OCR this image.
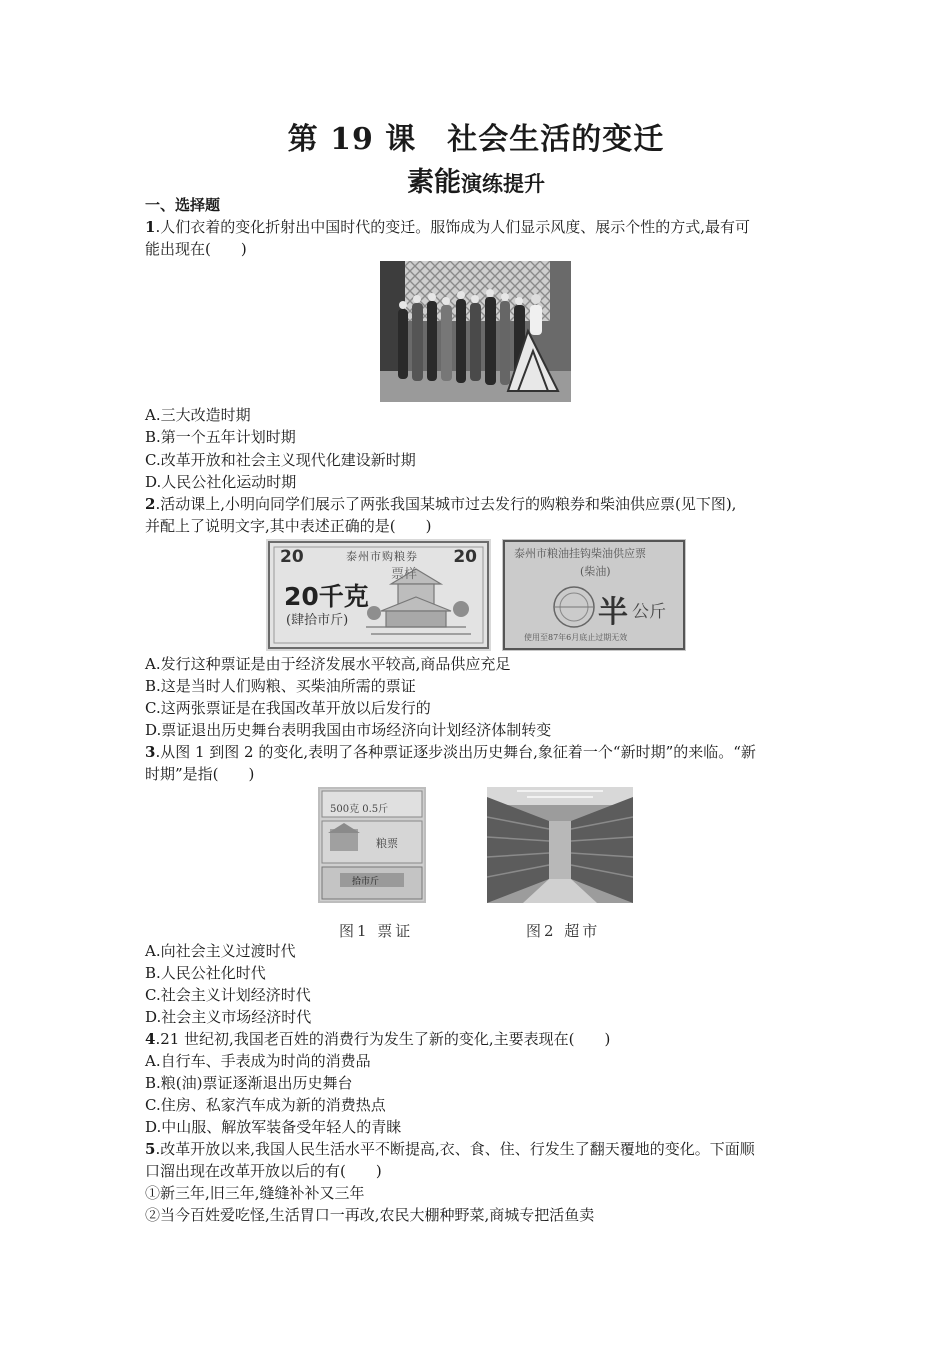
第 19 课　社会生活的变迁
素能演练提升
一、选择题
1.人们衣着的变化折射出中国时代的变迁。服饰成为人们显示风度、展示个性的方式,最有可
能出现在(　　)
A.三大改造时期
B.第一个五年计划时期
C.改革开放和社会主义现代化建设新时期
D.人民公社化运动时期
2.活动课上,小明向同学们展示了两张我国某城市过去发行的购粮券和柴油供应票(见下图),
并配上了说明文字,其中表述正确的是(　　)
20	20
泰州市购粮券
票样
20千克
(肆拾市斤)
泰州市粮油挂钩柴油供应票
(柴油)
半 公斤
使用至87年6月底止过期无效
A.发行这种票证是由于经济发展水平较高,商品供应充足
B.这是当时人们购粮、买柴油所需的票证
C.这两张票证是在我国改革开放以后发行的
D.票证退出历史舞台表明我国由市场经济向计划经济体制转变
3.从图 1 到图 2 的变化,表明了各种票证逐步淡出历史舞台,象征着一个“新时期”的来临。“新
时期”是指(　　)
500克 0.5斤
粮票
拾市斤
图1 票证	图2 超市
A.向社会主义过渡时代
B.人民公社化时代
C.社会主义计划经济时代
D.社会主义市场经济时代
4.21 世纪初,我国老百姓的消费行为发生了新的变化,主要表现在(　　)
A.自行车、手表成为时尚的消费品
B.粮(油)票证逐渐退出历史舞台
C.住房、私家汽车成为新的消费热点
D.中山服、解放军装备受年轻人的青睐
5.改革开放以来,我国人民生活水平不断提高,衣、食、住、行发生了翻天覆地的变化。下面顺
口溜出现在改革开放以后的有(　　)
①新三年,旧三年,缝缝补补又三年
②当今百姓爱吃怪,生活胃口一再改,农民大棚种野菜,商城专把活鱼卖
